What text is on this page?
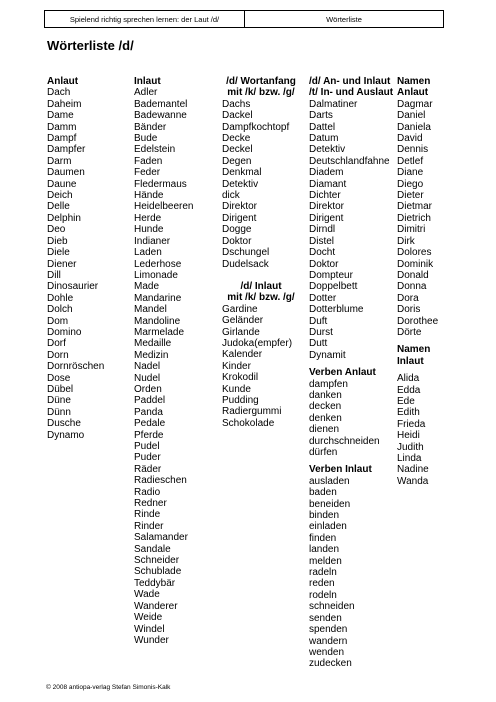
Spielend richtig sprechen lernen: der Laut /d/	Wörterliste
Wörterliste /d/
Anlaut
Dach
Daheim
Dame
Damm
Dampf
Dampfer
Darm
Daumen
Daune
Deich
Delle
Delphin
Deo
Dieb
Diele
Diener
Dill
Dinosaurier
Dohle
Dolch
Dom
Domino
Dorf
Dorn
Dornröschen
Dose
Dübel
Düne
Dünn
Dusche
Dynamo
Inlaut
Adler
Bademantel
Badewanne
Bänder
Bude
Edelstein
Faden
Feder
Fledermaus
Hände
Heidelbeeren
Herde
Hunde
Indianer
Laden
Lederhose
Limonade
Made
Mandarine
Mandel
Mandoline
Marmelade
Medaille
Medizin
Nadel
Nudel
Orden
Paddel
Panda
Pedale
Pferde
Pudel
Puder
Räder
Radieschen
Radio
Redner
Rinde
Rinder
Salamander
Sandale
Schneider
Schublade
Teddybär
Wade
Wanderer
Weide
Windel
Wunder
/d/ Wortanfang
mit /k/ bzw. /g/
Dachs
Dackel
Dampfkochtopf
Decke
Deckel
Degen
Denkmal
Detektiv
dick
Direktor
Dirigent
Dogge
Doktor
Dschungel
Dudelsack
/d/ Inlaut
mit /k/ bzw. /g/
Gardine
Geländer
Girlande
Judoka(empfer)
Kalender
Kinder
Krokodil
Kunde
Pudding
Radiergummi
Schokolade
/d/ An- und Inlaut
/t/ In- und Auslaut
Dalmatiner
Darts
Dattel
Datum
Detektiv
Deutschlandfahne
Diadem
Diamant
Dichter
Direktor
Dirigent
Dirndl
Distel
Docht
Doktor
Dompteur
Doppelbett
Dotter
Dotterblume
Duft
Durst
Dutt
Dynamit
Verben Anlaut
dampfen
danken
decken
denken
dienen
durchschneiden
dürfen
Verben Inlaut
ausladen
baden
beneiden
binden
einladen
finden
landen
melden
radeln
reden
rodeln
schneiden
senden
spenden
wandern
wenden
zudecken
Namen
Anlaut
Dagmar
Daniel
Daniela
David
Dennis
Detlef
Diane
Diego
Dieter
Dietmar
Dietrich
Dimitri
Dirk
Dolores
Dominik
Donald
Donna
Dora
Doris
Dorothee
Dörte
Namen
Inlaut
Alida
Edda
Ede
Edith
Frieda
Heidi
Judith
Linda
Nadine
Wanda
© 2008 antiopa-verlag Stefan Simonis-Kalk
